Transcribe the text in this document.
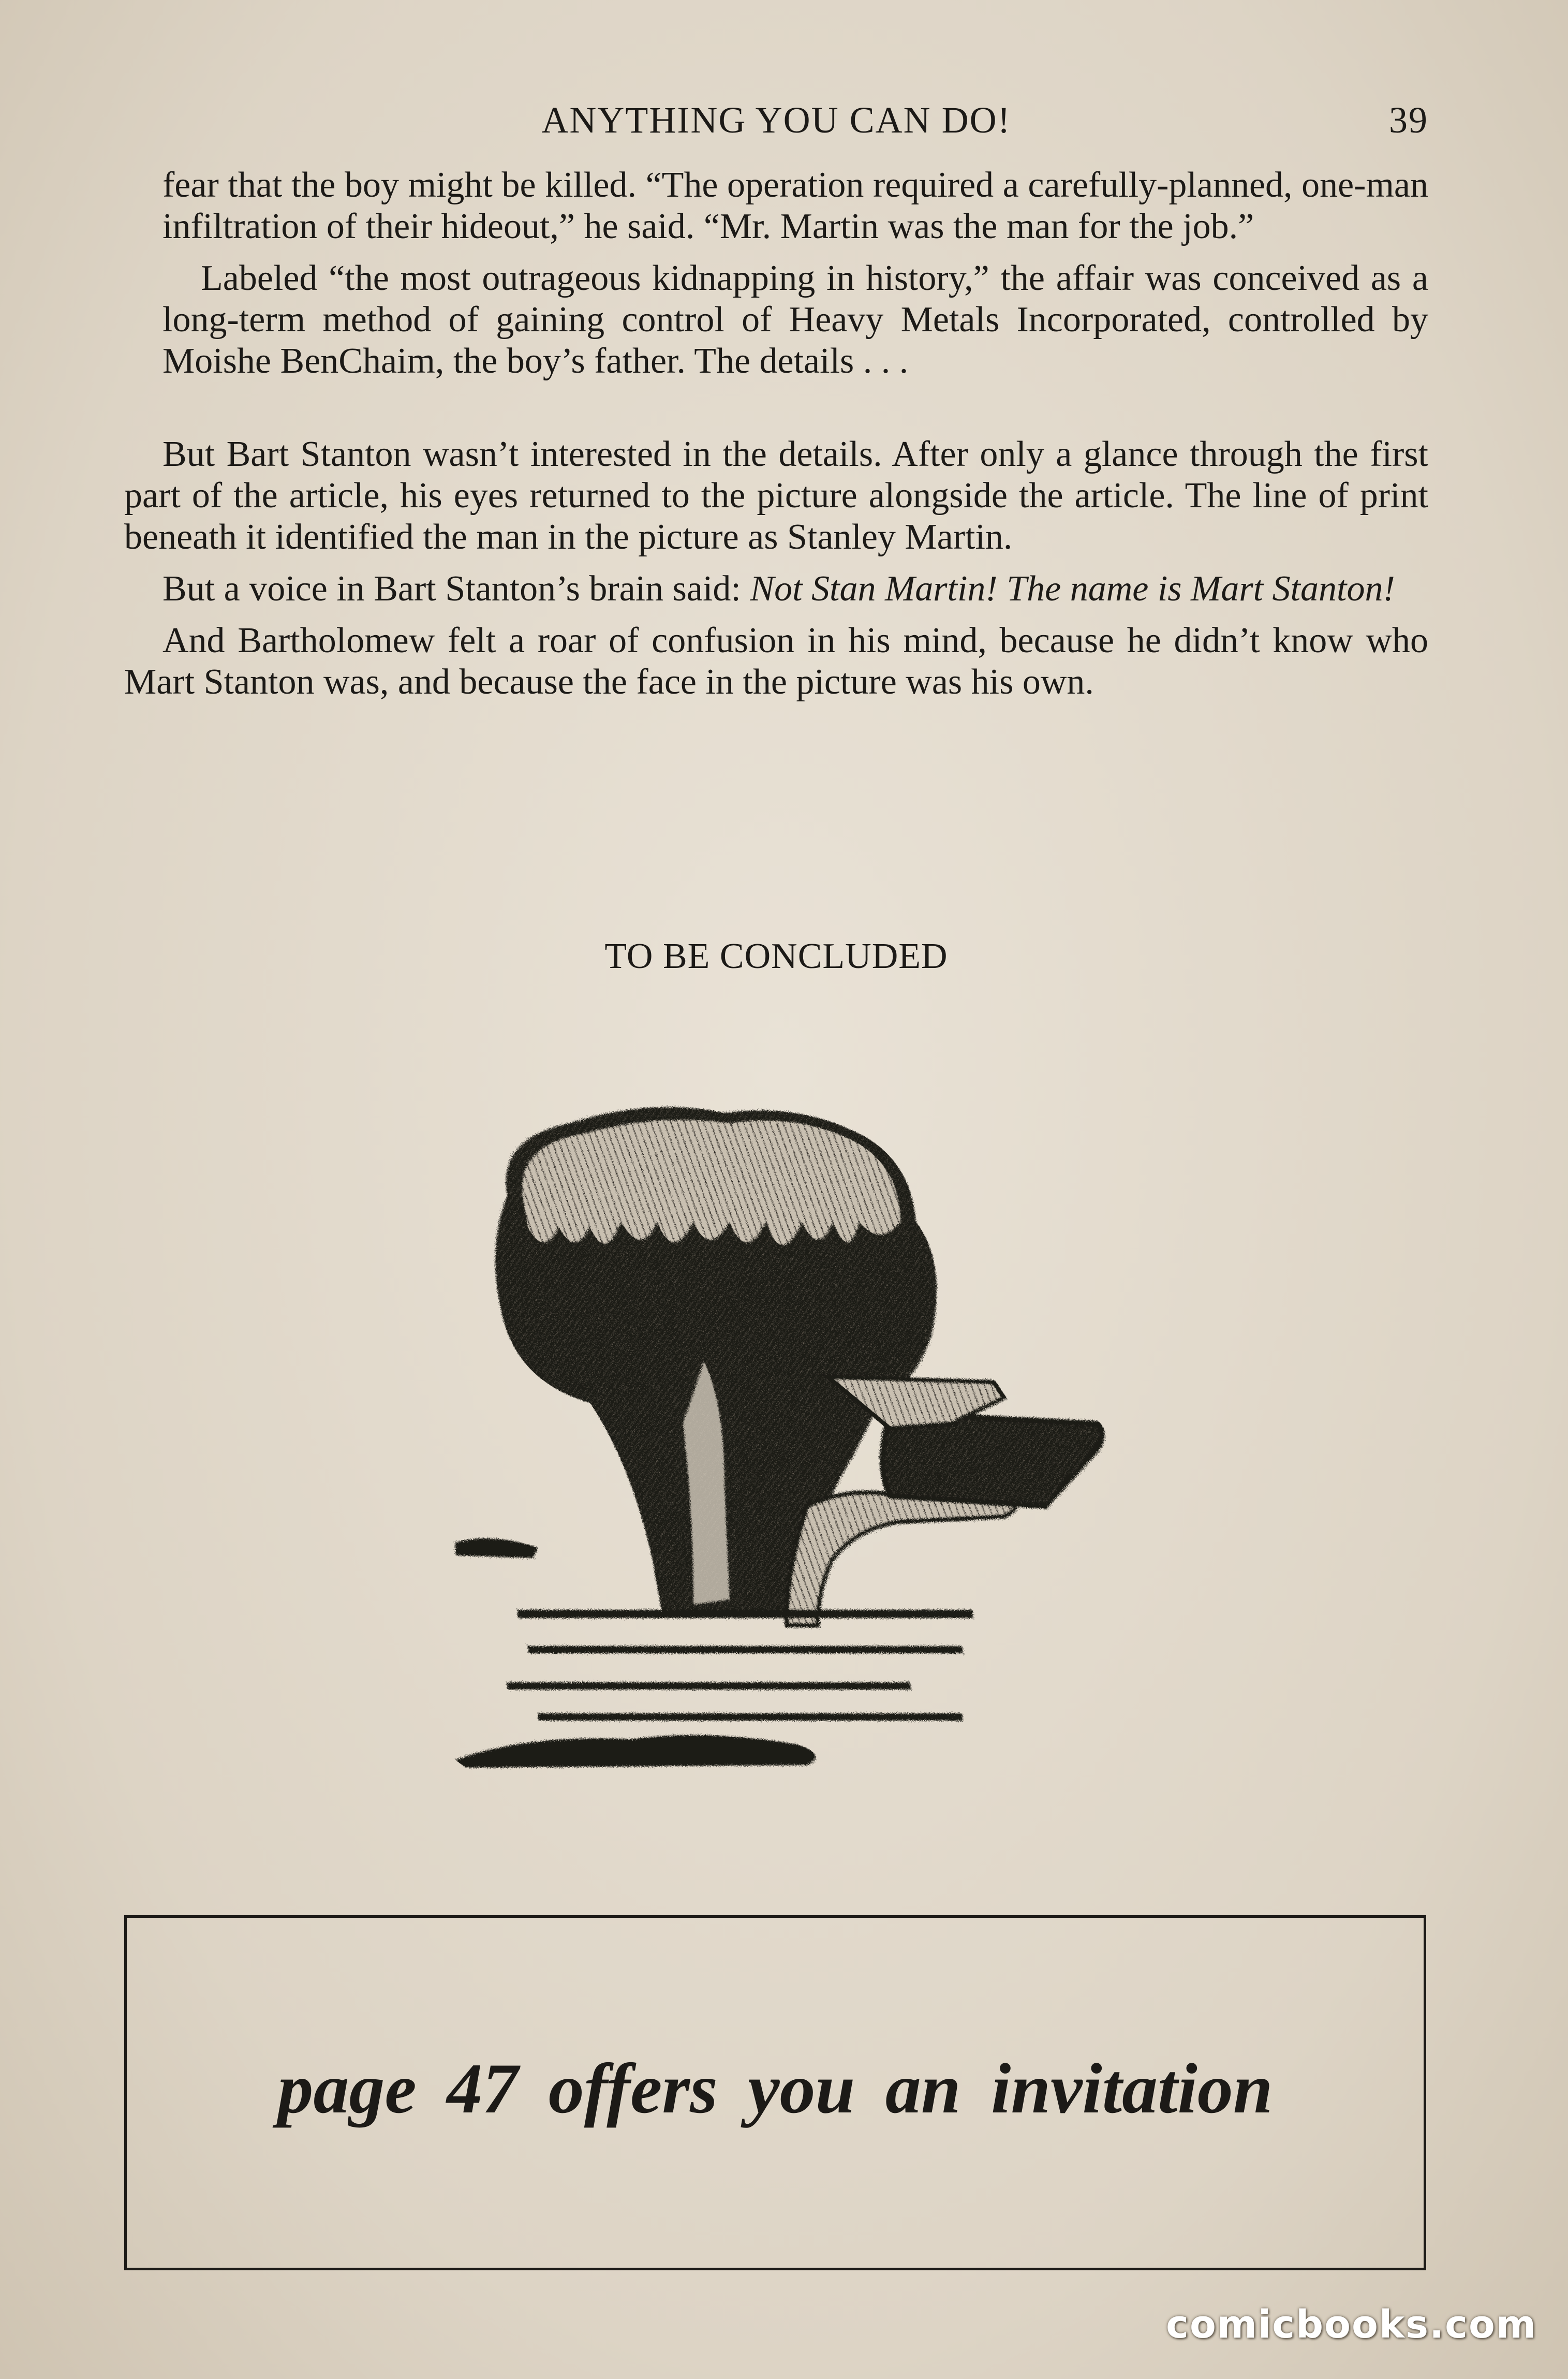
ANYTHING YOU CAN DO!	39

fear that the boy might be killed. “The operation required a carefully-planned, one-man infiltration of their hideout,” he said. “Mr. Martin was the man for the job.”

Labeled “the most outrageous kidnapping in history,” the affair was conceived as a long-term method of gaining control of Heavy Metals Incorporated, controlled by Moishe BenChaim, the boy’s father. The details . . .

But Bart Stanton wasn’t interested in the details. After only a glance through the first part of the article, his eyes returned to the picture alongside the article. The line of print beneath it identified the man in the picture as Stanley Martin.

But a voice in Bart Stanton’s brain said: Not Stan Martin! The name is Mart Stanton!

And Bartholomew felt a roar of confusion in his mind, because he didn’t know who Mart Stanton was, and because the face in the picture was his own.

TO BE CONCLUDED
page 47 offers you an invitation
comicbooks.com
